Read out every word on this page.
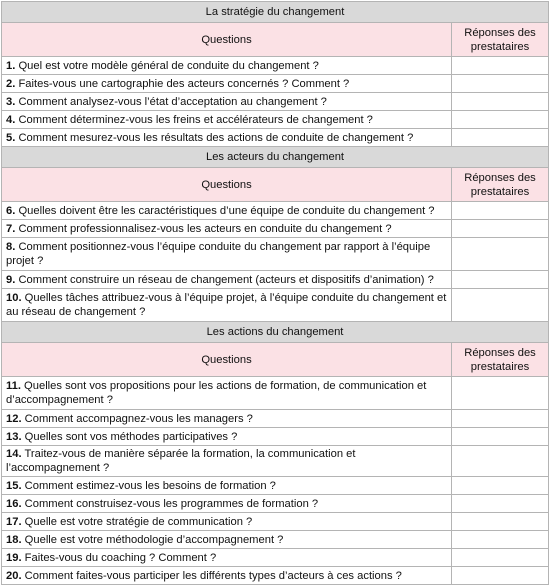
La stratégie du changement	
Questions	Réponses des prestataires
1. Quel est votre modèle général de conduite du changement ?	
2. Faites-vous une cartographie des acteurs concernés ? Comment ?	
3. Comment analysez-vous l’état d’acceptation au changement ?	
4. Comment déterminez-vous les freins et accélérateurs de changement ?	
5. Comment mesurez-vous les résultats des actions de conduite de changement ?	
Les acteurs du changement	
Questions	Réponses des prestataires
6. Quelles doivent être les caractéristiques d’une équipe de conduite du changement ?	
7. Comment professionnalisez-vous les acteurs en conduite du changement ?	
8. Comment positionnez-vous l’équipe conduite du changement par rapport à l’équipe projet ?	
9. Comment construire un réseau de changement (acteurs et dispositifs d’animation) ?	
10. Quelles tâches attribuez-vous à l’équipe projet, à l’équipe conduite du changement et au réseau de changement ?	
Les actions du changement	
Questions	Réponses des prestataires
11. Quelles sont vos propositions pour les actions de formation, de communication et d’accompagnement ?	
12. Comment accompagnez-vous les managers ?	
13. Quelles sont vos méthodes participatives ?	
14. Traitez-vous de manière séparée la formation, la communication et l’accompagnement ?	
15. Comment estimez-vous les besoins de formation ?	
16. Comment construisez-vous les programmes de formation ?	
17. Quelle est votre stratégie de communication ?	
18. Quelle est votre méthodologie d’accompagnement ?	
19. Faites-vous du coaching ? Comment ?	
20. Comment faites-vous participer les différents types d’acteurs à ces actions ?	
